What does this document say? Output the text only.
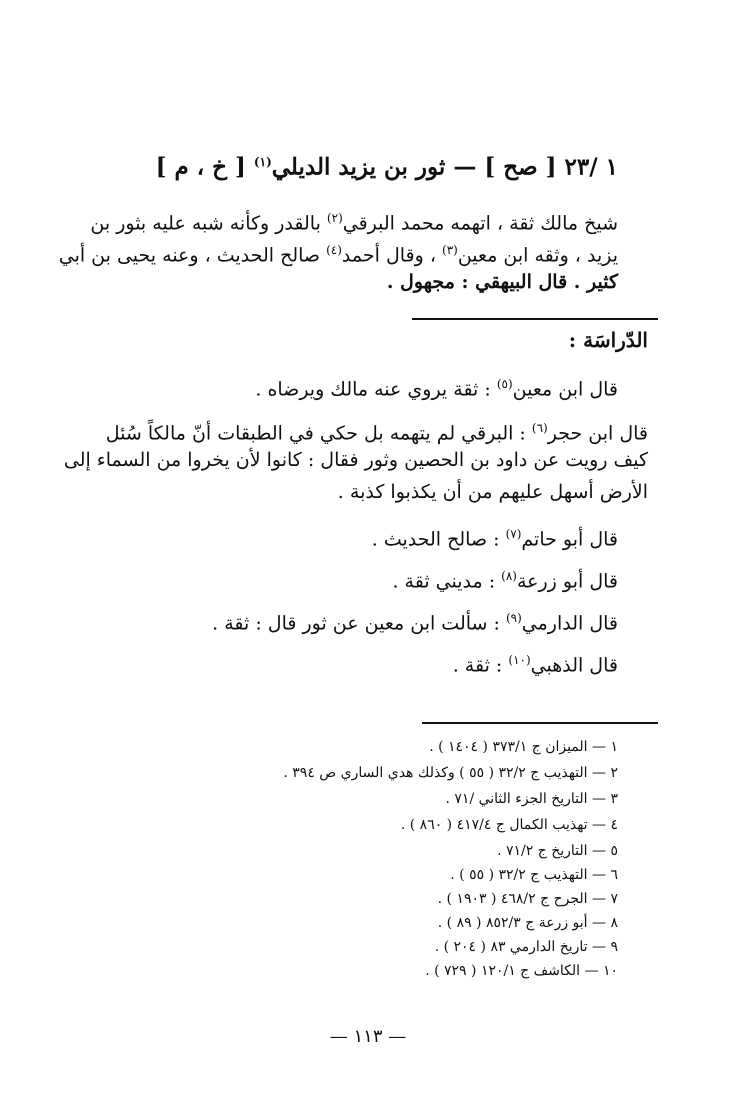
١ /٢٣ [ صح ] — ثور بن يزيد الديلي$^{(١)}$ [ خ ، م ]
شيخ مالك ثقة ، اتهمه محمد البرقي$^{(٢)}$ بالقدر وكأنه شبه عليه بثور بن
يزيد ، وثقه ابن معين$^{(٣)}$ ، وقال أحمد$^{(٤)}$ صالح الحديث ، وعنه يحيى بن أبي
كثير . قال البيهقي : مجهول .
الدّراسَة :
قال ابن معين$^{(٥)}$ : ثقة يروي عنه مالك ويرضاه .
قال ابن حجر$^{(٦)}$ : البرقي لم يتهمه بل حكي في الطبقات أنّ مالكاً سُئل
كيف رويت عن داود بن الحصين وثور فقال : كانوا لأن يخروا من السماء إلى
الأرض أسهل عليهم من أن يكذبوا كذبة .
قال أبو حاتم$^{(٧)}$ : صالح الحديث .
قال أبو زرعة$^{(٨)}$ : مديني ثقة .
قال الدارمي$^{(٩)}$ : سألت ابن معين عن ثور قال : ثقة .
قال الذهبي$^{(١٠)}$ : ثقة .
١ — الميزان ج ٣٧٣/١ ( ١٤٠٤ ) .
٢ — التهذيب ج ٣٢/٢ ( ٥٥ ) وكذلك هدي الساري ص ٣٩٤ .
٣ — التاريخ الجزء الثاني /٧١ .
٤ — تهذيب الكمال ج ٤١٧/٤ ( ٨٦٠ ) .
٥ — التاريخ ج ٧١/٢ .
٦ — التهذيب ج ٣٢/٢ ( ٥٥ ) .
٧ — الجرح ج ٤٦٨/٢ ( ١٩٠٣ ) .
٨ — أبو زرعة ج ٨٥٢/٣ ( ٨٩ ) .
٩ — تاريخ الدارمي ٨٣ ( ٢٠٤ ) .
١٠ — الكاشف ج ١٢٠/١ ( ٧٢٩ ) .
— ١١٣ —
